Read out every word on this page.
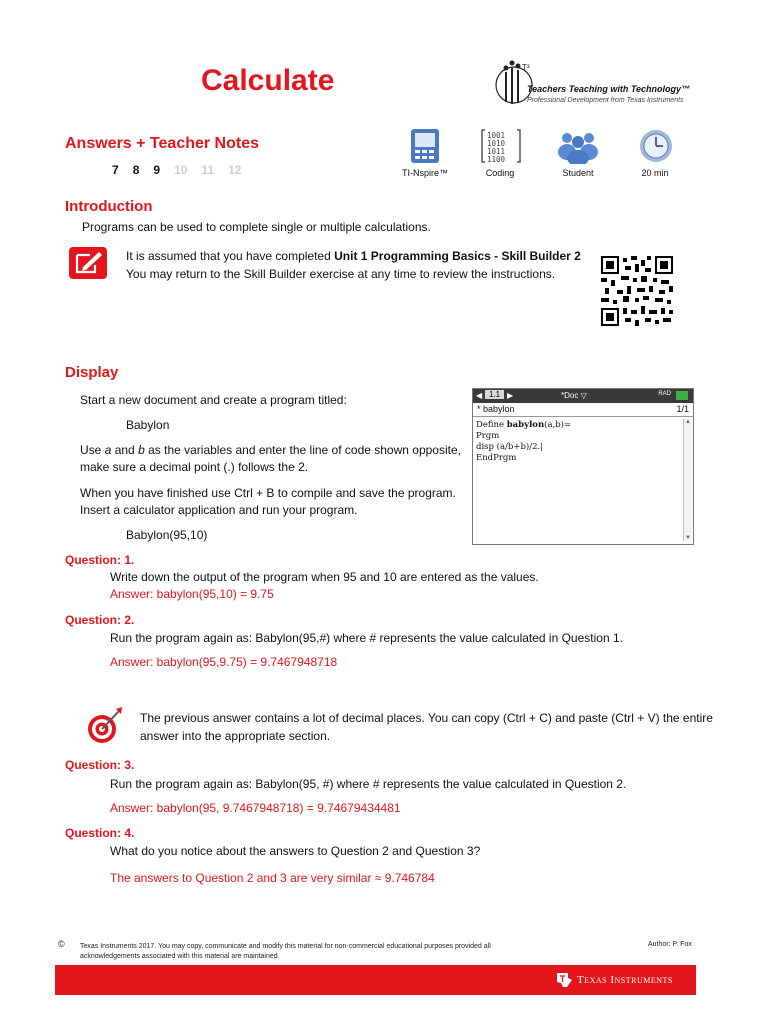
Calculate	T³
Teachers Teaching with Technology™
Professional Development from Texas Instruments
Answers + Teacher Notes
7 8 9 10 11 12	TI-Nspire™
1001
1010
1011
1100
Coding	Student	20 min
Introduction
Programs can be used to complete single or multiple calculations.
It is assumed that you have completed Unit 1 Programming Basics - Skill Builder 2
You may return to the Skill Builder exercise at any time to review the instructions.
Display
Start a new document and create a program titled:
Babylon
Use a and b as the variables and enter the line of code shown opposite,
make sure a decimal point (.) follows the 2.
When you have finished use Ctrl + B to compile and save the program.
Insert a calculator application and run your program.
Babylon(95,10)
◀ 1.1 ▶	*Doc ▽	RAD
* babylon	1/1
Define babylon(a,b)=
Prgm
disp (a/b+b)/2.|
EndPrgm
▲
▼
Question: 1.
Write down the output of the program when 95 and 10 are entered as the values.
Answer: babylon(95,10) = 9.75
Question: 2.
Run the program again as: Babylon(95,#) where # represents the value calculated in Question 1.
Answer: babylon(95,9.75) = 9.7467948718
The previous answer contains a lot of decimal places. You can copy (Ctrl + C) and paste (Ctrl + V) the entire
answer into the appropriate section.
Question: 3.
Run the program again as: Babylon(95, #) where # represents the value calculated in Question 2.
Answer: babylon(95, 9.7467948718) = 9.74679434481
Question: 4.
What do you notice about the answers to Question 2 and Question 3?
The answers to Question 2 and 3 are very similar ≈ 9.746784
© Texas Instruments 2017. You may copy, communicate and modify this material for non-commercial educational purposes provided all
acknowledgements associated with this material are maintained.
Author: P. Fox
Texas Instruments
